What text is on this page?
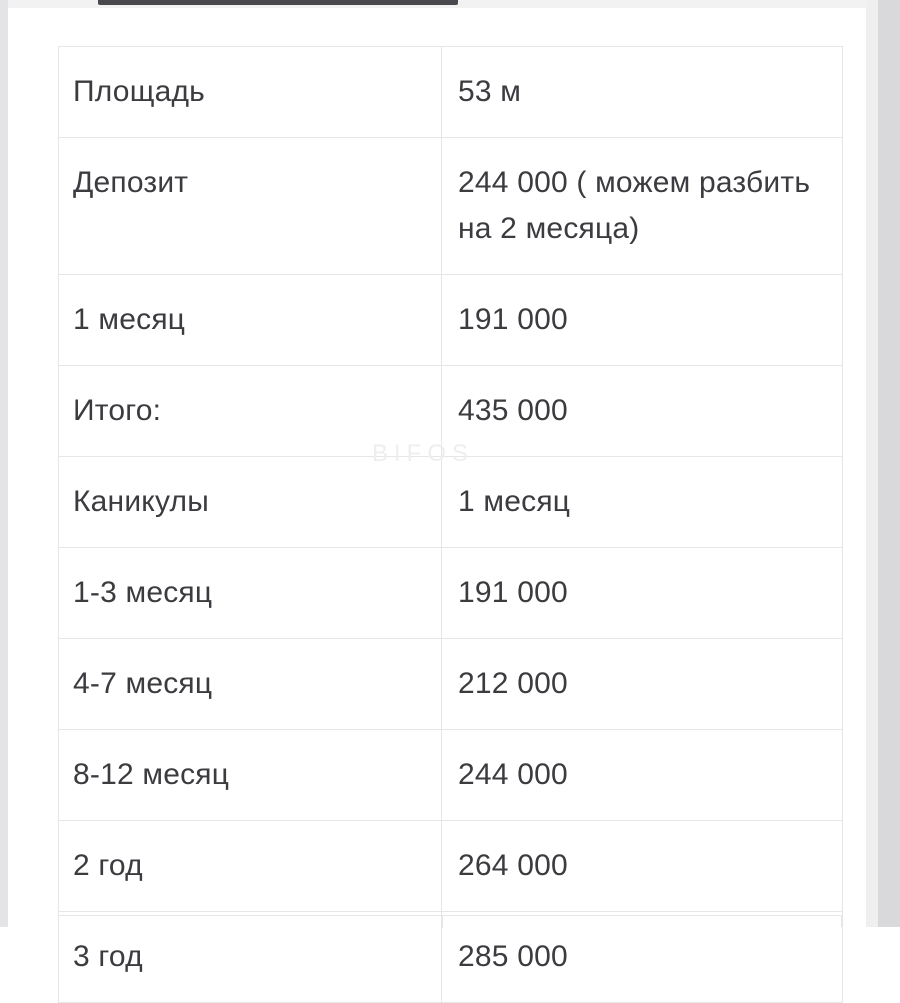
Площадь	53 м
Депозит	244 000 ( можем разбить на 2 месяца)
1 месяц	191 000
Итого:	435 000
Каникулы	1 месяц
1-3 месяц	191 000
4-7 месяц	212 000
8-12 месяц	244 000
2 год	264 000
3 год	285 000
BIFOS
